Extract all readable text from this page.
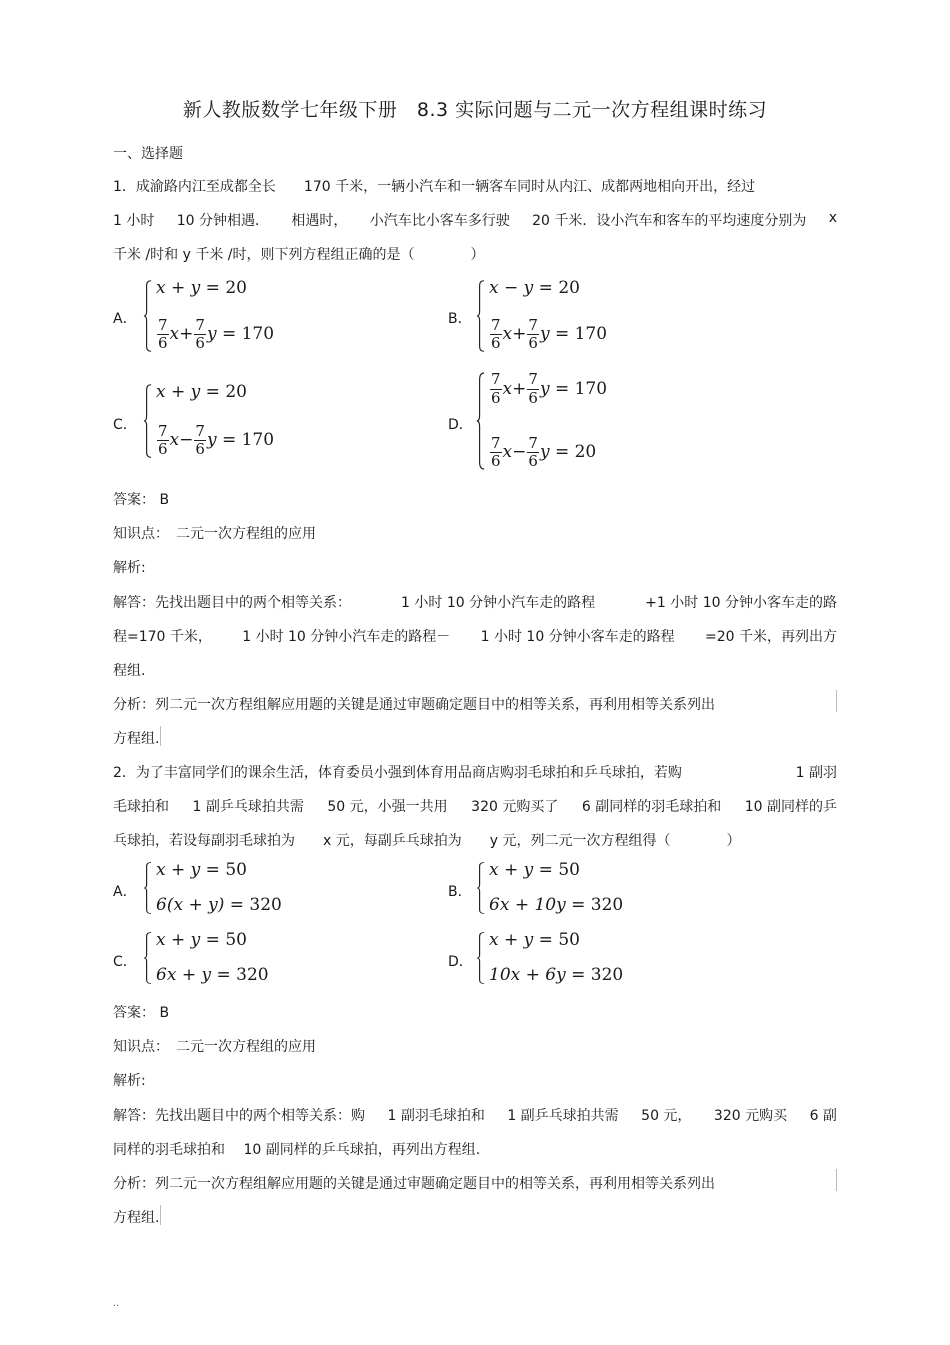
新人教版数学七年级下册　8.3 实际问题与二元一次方程组课时练习
一、选择题
1．成渝路内江至成都全长　　 170 千米，一辆小汽车和一辆客车同时从内江、成都两地相向开出，经过
1 小时 10 分钟相遇． 相遇时， 小汽车比小客车多行驶 20 千米．设小汽车和客车的平均速度分别为 x
千米 /时和 y 千米 /时，则下列方程组正确的是（　　　　）
A．
x + y = 20
$\frac{7}{6}$ $x + \frac{7}{6}$ y = 170
B．
x − y = 20
$\frac{7}{6}$ $x + \frac{7}{6}$ y = 170
C．
x + y = 20
$\frac{7}{6}$ $x - \frac{7}{6}$ y = 170
D．
$\frac{7}{6}$ $x + \frac{7}{6}$ y = 170
$\frac{7}{6}$ $x - \frac{7}{6}$ y = 20
答案： B
知识点：　二元一次方程组的应用
解析:
解答：先找出题目中的两个相等关系：	1 小时 10 分钟小汽车走的路程	+1 小时 10 分钟小客车走的路
程=170 千米， 1 小时 10 分钟小汽车走的路程－ 1 小时 10 分钟小客车走的路程 =20 千米，再列出方
程组.
分析：列二元一次方程组解应用题的关键是通过审题确定题目中的相等关系，再利用相等关系列出
方程组.
2．为了丰富同学们的课余生活，体育委员小强到体育用品商店购羽毛球拍和乒乓球拍，若购	1 副羽
毛球拍和 1 副乒乓球拍共需 50 元，小强一共用 320 元购买了 6 副同样的羽毛球拍和 10 副同样的乒
乓球拍，若设每副羽毛球拍为　　 x 元，每副乒乓球拍为　　 y 元，列二元一次方程组得（　　　　）
A．
x + y = 50
6(x + y) = 320
B．
x + y = 50
6x + 10y = 320
C．
x + y = 50
6x + y = 320
D．
x + y = 50
10x + 6y = 320
答案： B
知识点：　二元一次方程组的应用
解析:
解答：先找出题目中的两个相等关系：购 1 副羽毛球拍和 1 副乒乓球拍共需 50 元， 320 元购买 6 副
同样的羽毛球拍和　 10 副同样的乒乓球拍，再列出方程组.
分析：列二元一次方程组解应用题的关键是通过审题确定题目中的相等关系，再利用相等关系列出
方程组.
..
